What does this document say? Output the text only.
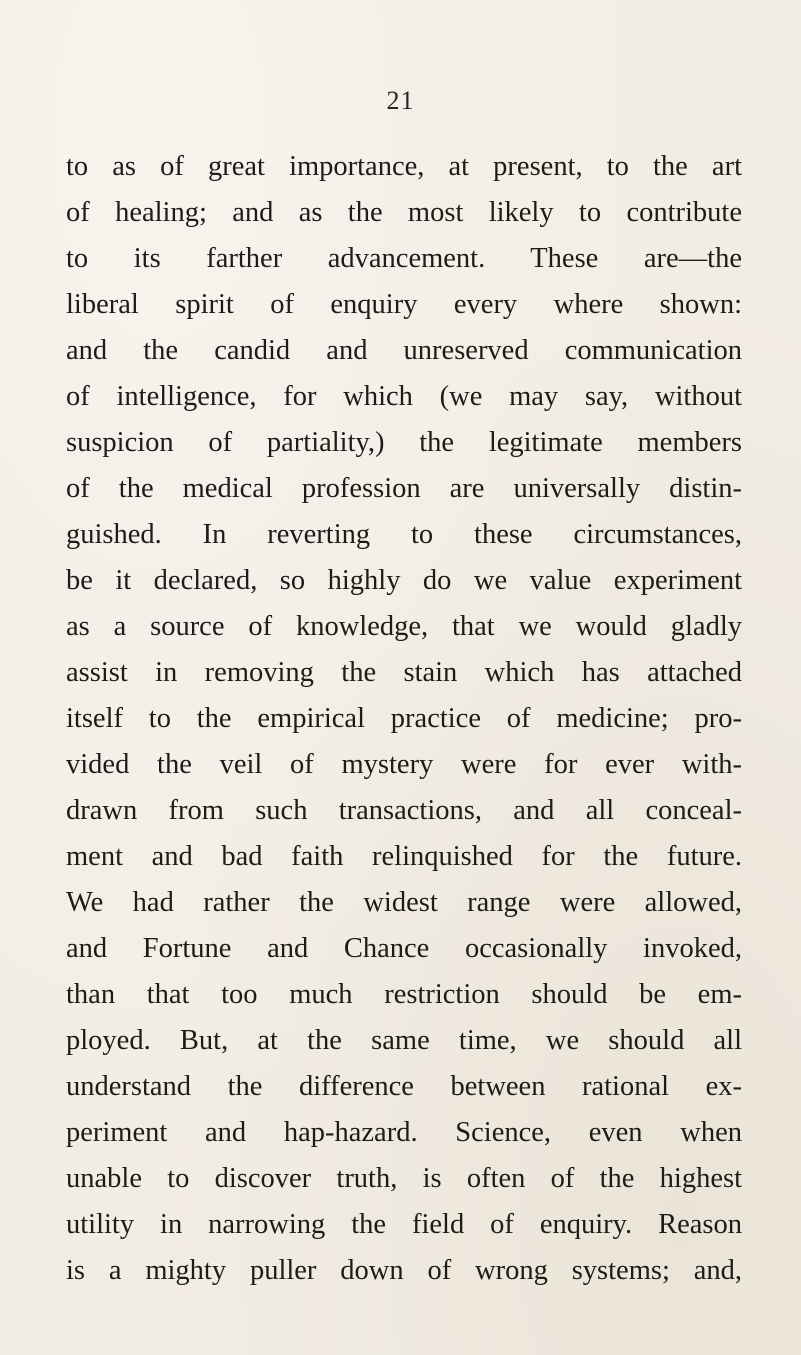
21
to as of great importance, at present, to the art
of healing; and as the most likely to contribute
to its farther advancement. These are—the
liberal spirit of enquiry every where shown:
and the candid and unreserved communication
of intelligence, for which (we may say, without
suspicion of partiality,) the legitimate members
of the medical profession are universally distin-
guished. In reverting to these circumstances,
be it declared, so highly do we value experiment
as a source of knowledge, that we would gladly
assist in removing the stain which has attached
itself to the empirical practice of medicine; pro-
vided the veil of mystery were for ever with-
drawn from such transactions, and all conceal-
ment and bad faith relinquished for the future.
We had rather the widest range were allowed,
and Fortune and Chance occasionally invoked,
than that too much restriction should be em-
ployed. But, at the same time, we should all
understand the difference between rational ex-
periment and hap-hazard. Science, even when
unable to discover truth, is often of the highest
utility in narrowing the field of enquiry. Reason
is a mighty puller down of wrong systems; and,
